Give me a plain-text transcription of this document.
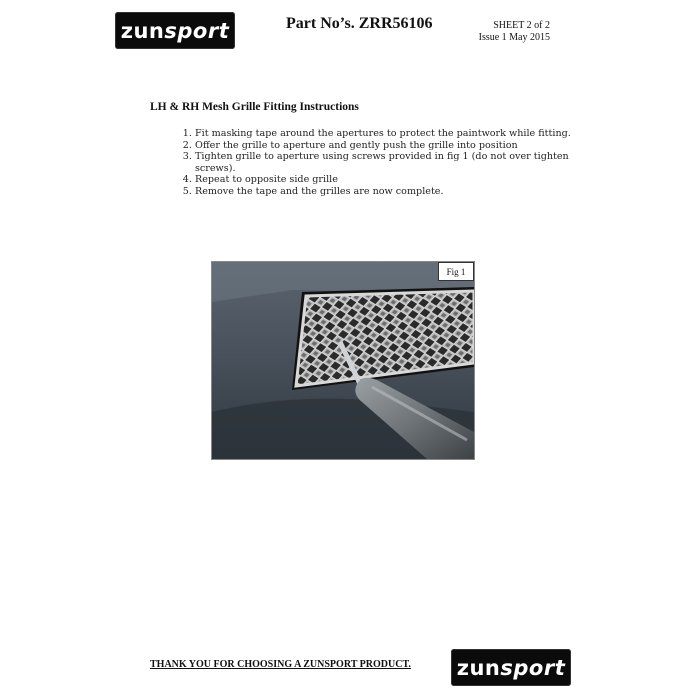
zun sport	Part No’s. ZRR56106	SHEET 2 of 2
Issue 1 May 2015
LH & RH Mesh Grille Fitting Instructions
1. Fit masking tape around the apertures to protect the paintwork while fitting.
2. Offer the grille to aperture and gently push the grille into position
3. Tighten grille to aperture using screws provided in fig 1 (do not over tighten screws).
4. Repeat to opposite side grille
5. Remove the tape and the grilles are now complete.
Fig 1
THANK YOU FOR CHOOSING A ZUNSPORT PRODUCT. zun sport
